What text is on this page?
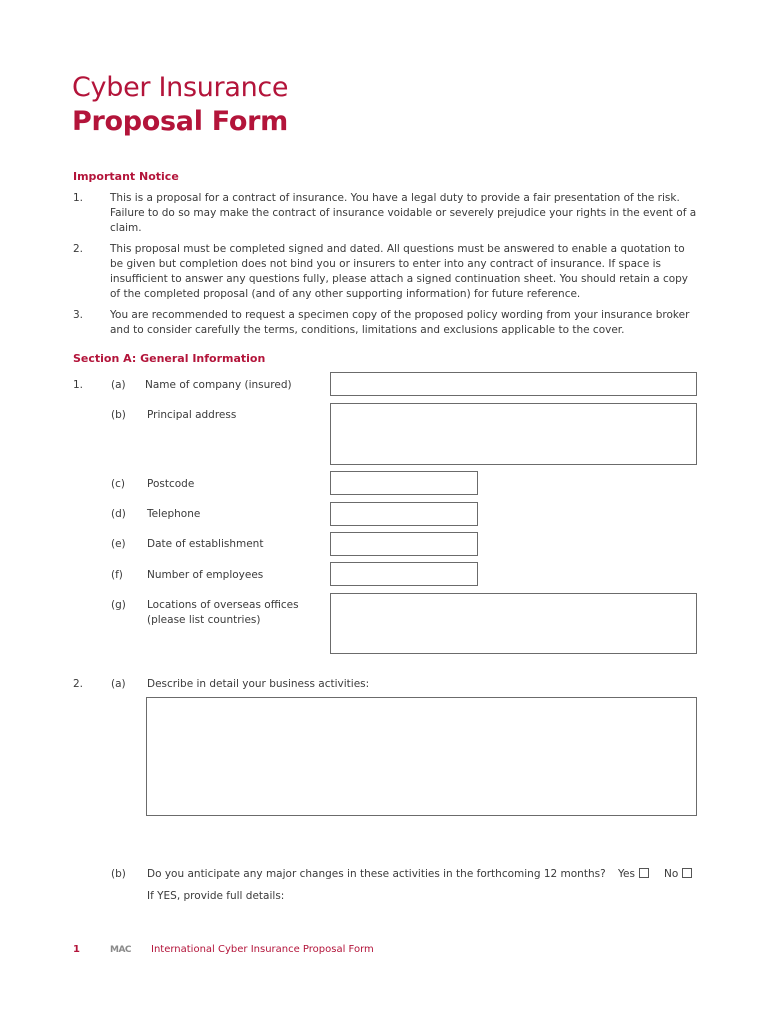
Cyber Insurance
Proposal Form
Important Notice
1.	This is a proposal for a contract of insurance. You have a legal duty to provide a fair presentation of the risk. Failure to do so may make the contract of insurance voidable or severely prejudice your rights in the event of a claim.
2.	This proposal must be completed signed and dated. All questions must be answered to enable a quotation to be given but completion does not bind you or insurers to enter into any contract of insurance. If space is insufficient to answer any questions fully, please attach a signed continuation sheet. You should retain a copy of the completed proposal (and of any other supporting information) for future reference.
3.	You are recommended to request a specimen copy of the proposed policy wording from your insurance broker and to consider carefully the terms, conditions, limitations and exclusions applicable to the cover.
Section A: General Information
1.	(a) Name of company (insured)
(b) Principal address
(c) Postcode
(d) Telephone
(e) Date of establishment
(f) Number of employees
(g) Locations of overseas offices
(please list countries)
2.	(a) Describe in detail your business activities:
(b) Do you anticipate any major changes in these activities in the forthcoming 12 months? Yes	No
If YES, provide full details:
1	MAC International Cyber Insurance Proposal Form
